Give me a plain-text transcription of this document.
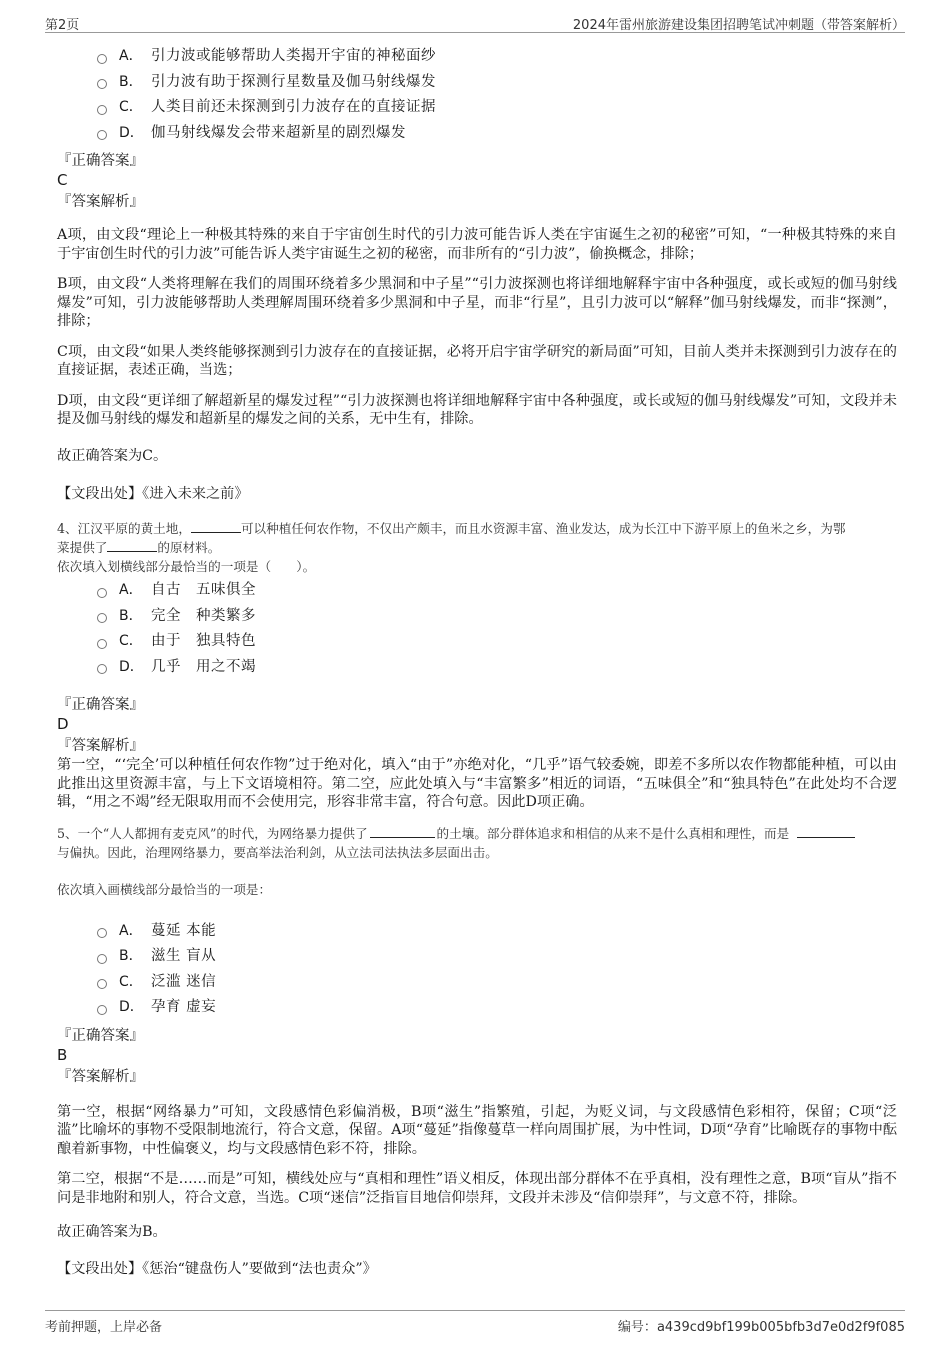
第2页	2024年雷州旅游建设集团招聘笔试冲刺题（带答案解析）
A． 引力波或能够帮助人类揭开宇宙的神秘面纱
B． 引力波有助于探测行星数量及伽马射线爆发
C． 人类目前还未探测到引力波存在的直接证据
D． 伽马射线爆发会带来超新星的剧烈爆发
『正确答案』
C
『答案解析』
A项，由文段“理论上一种极其特殊的来自于宇宙创生时代的引力波可能告诉人类在宇宙诞生之初的秘密”可知，“一种极其特殊的来自于宇宙创生时代的引力波”可能告诉人类宇宙诞生之初的秘密，而非所有的“引力波”，偷换概念，排除；
B项，由文段“人类将理解在我们的周围环绕着多少黑洞和中子星”“引力波探测也将详细地解释宇宙中各种强度，或长或短的伽马射线爆发”可知，引力波能够帮助人类理解周围环绕着多少黑洞和中子星，而非“行星”，且引力波可以“解释”伽马射线爆发，而非“探测”，排除；
C项，由文段“如果人类终能够探测到引力波存在的直接证据，必将开启宇宙学研究的新局面”可知，目前人类并未探测到引力波存在的直接证据，表述正确，当选；
D项，由文段“更详细了解超新星的爆发过程”“引力波探测也将详细地解释宇宙中各种强度，或长或短的伽马射线爆发”可知，文段并未提及伽马射线的爆发和超新星的爆发之间的关系，无中生有，排除。
故正确答案为C。
【文段出处】《进入未来之前》
4、江汉平原的黄土地，	可以种植任何农作物，不仅出产颇丰，而且水资源丰富、渔业发达，成为长江中下游平原上的鱼米之乡，为鄂
菜提供了	的原材料。
依次填入划横线部分最恰当的一项是（　　）。
A． 自古　五味俱全
B． 完全　种类繁多
C． 由于　独具特色
D． 几乎　用之不竭
『正确答案』
D
『答案解析』
第一空，“‘完全’可以种植任何农作物”过于绝对化，填入“由于”亦绝对化，“几乎”语气较委婉，即差不多所以农作物都能种植，可以由此推出这里资源丰富，与上下文语境相符。第二空，应此处填入与“丰富繁多”相近的词语，“五味俱全”和“独具特色”在此处均不合逻辑，“用之不竭”经无限取用而不会使用完，形容非常丰富，符合句意。因此D项正确。
5、一个“人人都拥有麦克风”的时代，为网络暴力提供了	的土壤。部分群体追求和相信的从来不是什么真相和理性，而是
与偏执。因此，治理网络暴力，要高举法治利剑，从立法司法执法多层面出击。
依次填入画横线部分最恰当的一项是：
A． 蔓延 本能
B． 滋生 盲从
C． 泛滥 迷信
D． 孕育 虚妄
『正确答案』
B
『答案解析』
第一空，根据“网络暴力”可知，文段感情色彩偏消极，B项“滋生”指繁殖，引起，为贬义词，与文段感情色彩相符，保留；C项“泛滥”比喻坏的事物不受限制地流行，符合文意，保留。A项“蔓延”指像蔓草一样向周围扩展，为中性词，D项“孕育”比喻既存的事物中酝酿着新事物，中性偏褒义，均与文段感情色彩不符，排除。
第二空，根据“不是……而是”可知，横线处应与“真相和理性”语义相反，体现出部分群体不在乎真相，没有理性之意，B项“盲从”指不问是非地附和别人，符合文意，当选。C项“迷信”泛指盲目地信仰崇拜，文段并未涉及“信仰崇拜”，与文意不符，排除。
故正确答案为B。
【文段出处】《惩治“键盘伤人”要做到“法也责众”》
考前押题，上岸必备	编号：a439cd9bf199b005bfb3d7e0d2f9f085
